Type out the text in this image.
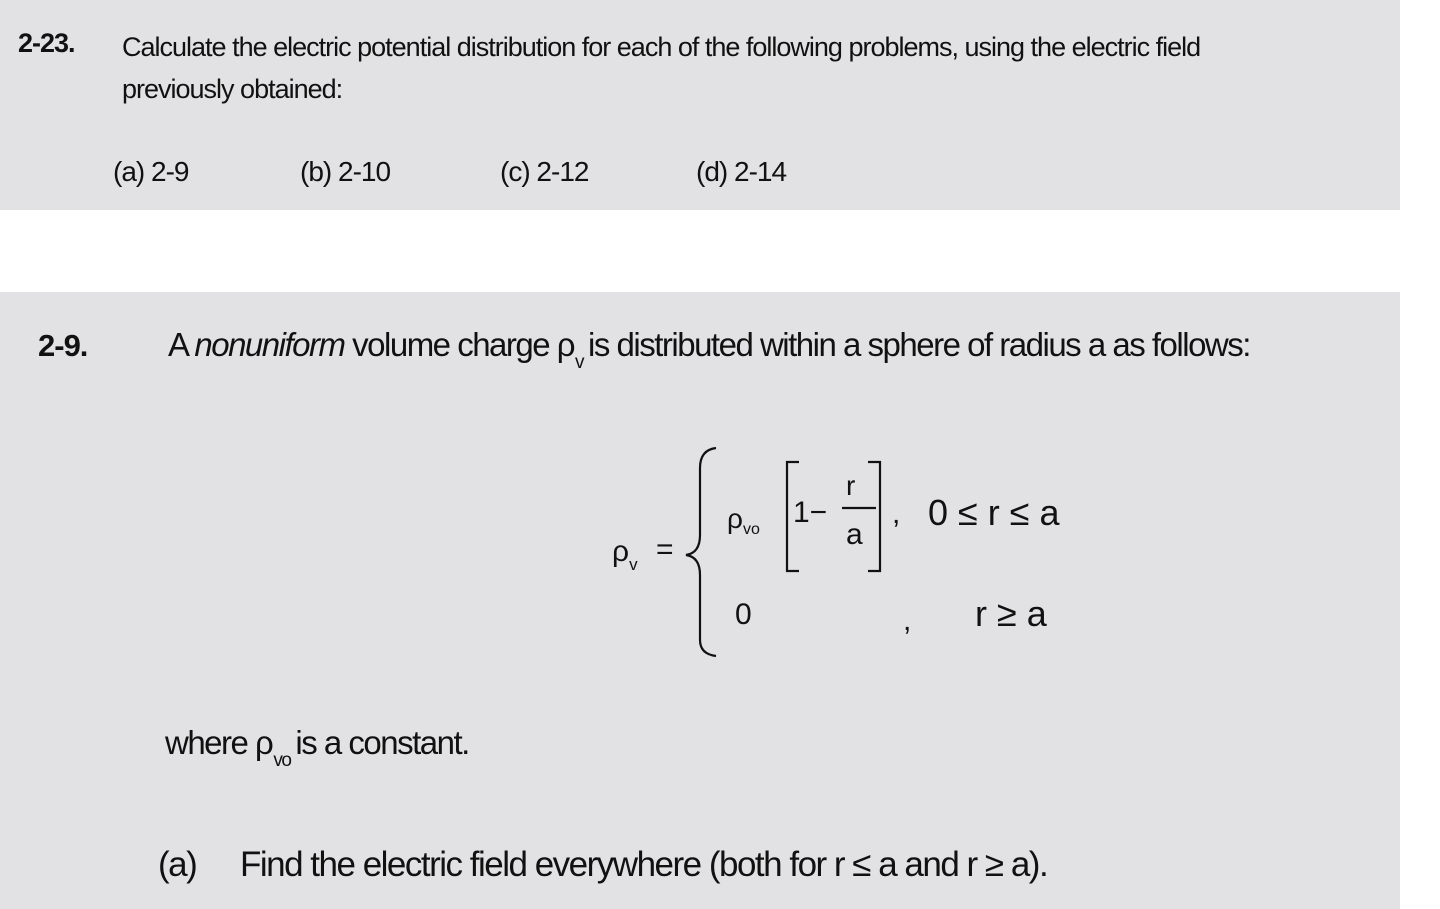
2-23. Calculate the electric potential distribution for each of the following problems, using the electric field
previously obtained:
(a) 2-9	(b) 2-10	(c) 2-12	(d) 2-14
2-9. A nonuniform volume charge $\rho_v$ is distributed within a sphere of radius a as follows:
$\rho_v$ =
$\rho_{vo}$
1−
r
a
, 0 ≤ r ≤ a
0	, r ≥ a
where $\rho_{vo}$ is a constant.
(a) Find the electric field everywhere (both for r ≤ a and r ≥ a).
